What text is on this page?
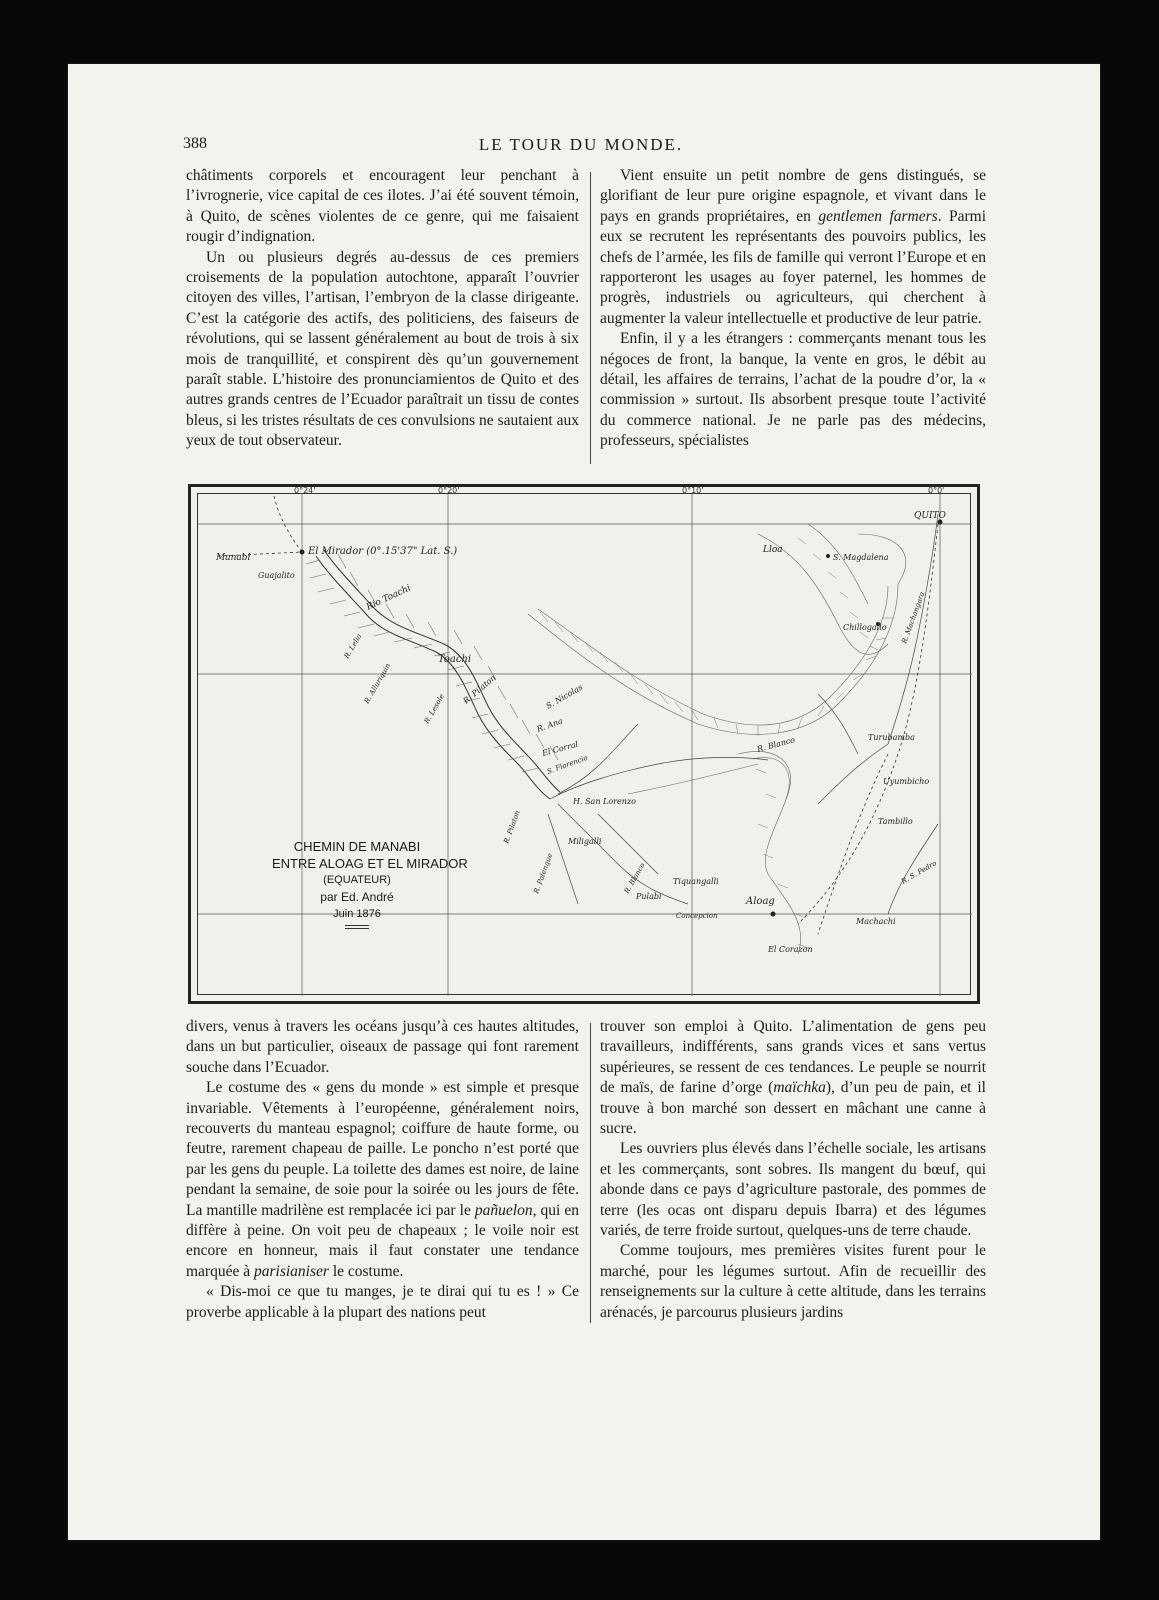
388	LE TOUR DU MONDE.

châtiments corporels et encouragent leur penchant à l’ivrognerie, vice capital de ces ilotes. J’ai été souvent témoin, à Quito, de scènes violentes de ce genre, qui me faisaient rougir d’indignation.

Un ou plusieurs degrés au-dessus de ces premiers croisements de la population autochtone, apparaît l’ouvrier citoyen des villes, l’artisan, l’embryon de la classe dirigeante. C’est la catégorie des actifs, des politiciens, des faiseurs de révolutions, qui se lassent généralement au bout de trois à six mois de tranquillité, et conspirent dès qu’un gouvernement paraît stable. L’histoire des pronunciamientos de Quito et des autres grands centres de l’Ecuador paraîtrait un tissu de contes bleus, si les tristes résultats de ces convulsions ne sautaient aux yeux de tout observateur.

Vient ensuite un petit nombre de gens distingués, se glorifiant de leur pure origine espagnole, et vivant dans le pays en grands propriétaires, en gentlemen farmers. Parmi eux se recrutent les représentants des pouvoirs publics, les chefs de l’armée, les fils de famille qui verront l’Europe et en rapporteront les usages au foyer paternel, les hommes de progrès, industriels ou agriculteurs, qui cherchent à augmenter la valeur intellectuelle et productive de leur patrie.

Enfin, il y a les étrangers : commerçants menant tous les négoces de front, la banque, la vente en gros, le débit au détail, les affaires de terrains, l’achat de la poudre d’or, la « commission » surtout. Ils absorbent presque toute l’activité du commerce national. Je ne parle pas des médecins, professeurs, spécialistes

0°24'	0°20'	0°10'	0°0'
El Mirador (0°.15'37" Lat. S.)
Manabi
Guajalito
QUITO
Lloa
S. Magdalena
Chillogallo R. Machangara
Rio Toachi
Toachi
R. Pilaton	S. Nicolas
R. Ana
El Corral
S. Florencio
R. Blanco	Turubamba
Uyumbicho
Tambillo
R. S. Pedro
H. San Lorenzo
Miligalli
Tiquangalli
Pulabi	Aloag
Concepcion
Machachi
El Corazon
R. Pilaton
R. Palenque	R. Blanco
R. Lelia
R. Alluriquin
R. Lesole
CHEMIN DE MANABI
ENTRE ALOAG ET EL MIRADOR
(EQUATEUR)
par Ed. André
Juin 1876

divers, venus à travers les océans jusqu’à ces hautes altitudes, dans un but particulier, oiseaux de passage qui font rarement souche dans l’Ecuador.

Le costume des « gens du monde » est simple et presque invariable. Vêtements à l’européenne, généralement noirs, recouverts du manteau espagnol; coiffure de haute forme, ou feutre, rarement chapeau de paille. Le poncho n’est porté que par les gens du peuple. La toilette des dames est noire, de laine pendant la semaine, de soie pour la soirée ou les jours de fête. La mantille madrilène est remplacée ici par le pañuelon, qui en diffère à peine. On voit peu de chapeaux ; le voile noir est encore en honneur, mais il faut constater une tendance marquée à parisianiser le costume.

« Dis-moi ce que tu manges, je te dirai qui tu es ! » Ce proverbe applicable à la plupart des nations peut

trouver son emploi à Quito. L’alimentation de gens peu travailleurs, indifférents, sans grands vices et sans vertus supérieures, se ressent de ces tendances. Le peuple se nourrit de maïs, de farine d’orge (maïchka), d’un peu de pain, et il trouve à bon marché son dessert en mâchant une canne à sucre.

Les ouvriers plus élevés dans l’échelle sociale, les artisans et les commerçants, sont sobres. Ils mangent du bœuf, qui abonde dans ce pays d’agriculture pastorale, des pommes de terre (les ocas ont disparu depuis Ibarra) et des légumes variés, de terre froide surtout, quelques-uns de terre chaude.

Comme toujours, mes premières visites furent pour le marché, pour les légumes surtout. Afin de recueillir des renseignements sur la culture à cette altitude, dans les terrains arénacés, je parcourus plusieurs jardins
